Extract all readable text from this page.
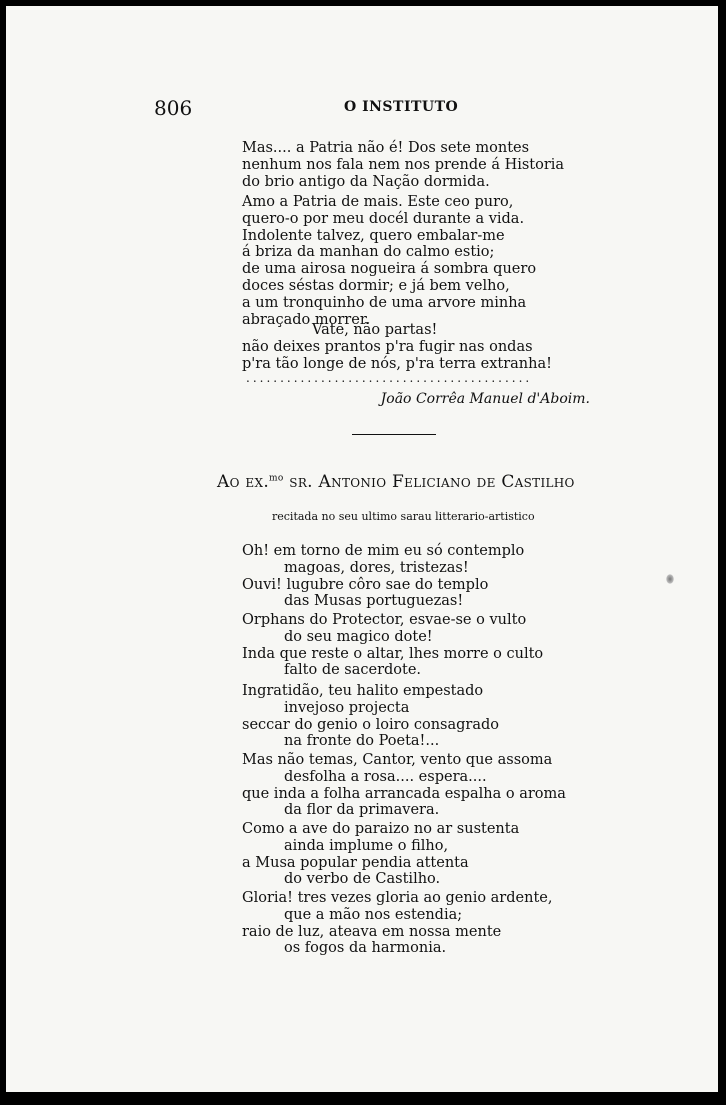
806	O INSTITUTO
Mas.... a Patria não é! Dos sete montes
nenhum nos fala nem nos prende á Historia
do brio antigo da Nação dormida.
Amo a Patria de mais. Este ceo puro,
quero-o por meu docél durante a vida.
Indolente talvez, quero embalar-me
á briza da manhan do calmo estio;
de uma airosa nogueira á sombra quero
doces séstas dormir; e já bem velho,
a um tronquinho de uma arvore minha
abraçado morrer.
Vate, não partas!
não deixes prantos p'ra fugir nas ondas
p'ra tão longe de nós, p'ra terra extranha!
..........................................
João Corrêa Manuel d'Aboim.
Ao ex.$^{mo}$ sr. Antonio Feliciano de Castilho
recitada no seu ultimo sarau litterario-artistico
Oh! em torno de mim eu só contemplo
magoas, dores, tristezas!
Ouvi! lugubre côro sae do templo
das Musas portuguezas!
Orphans do Protector, esvae-se o vulto
do seu magico dote!
Inda que reste o altar, lhes morre o culto
falto de sacerdote.
Ingratidão, teu halito empestado
invejoso projecta
seccar do genio o loiro consagrado
na fronte do Poeta!...
Mas não temas, Cantor, vento que assoma
desfolha a rosa.... espera....
que inda a folha arrancada espalha o aroma
da flor da primavera.
Como a ave do paraizo no ar sustenta
ainda implume o filho,
a Musa popular pendia attenta
do verbo de Castilho.
Gloria! tres vezes gloria ao genio ardente,
que a mão nos estendia;
raio de luz, ateava em nossa mente
os fogos da harmonia.
